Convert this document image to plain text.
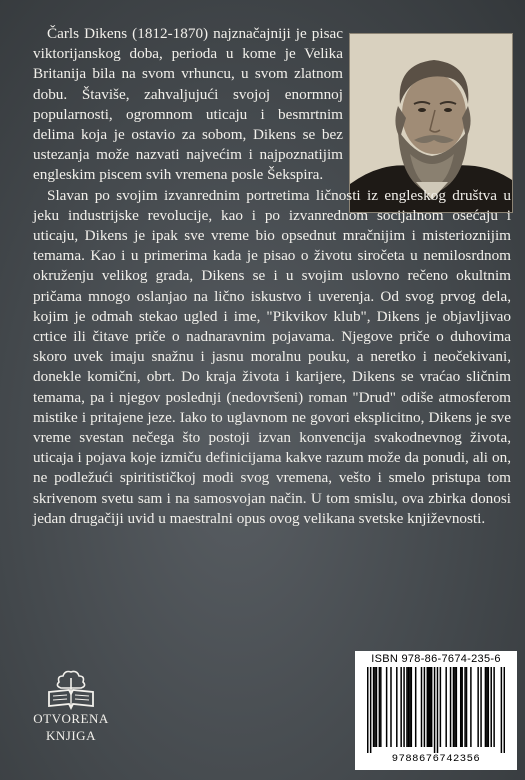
Čarls Dikens (1812-1870) najznačajniji je pisac viktorijanskog doba, perioda u kome je Velika Britanija bila na svom vrhuncu, u svom zlatnom dobu. Štaviše, zahvaljujući svojoj enormnoj popularnosti, ogromnom uticaju i besmrtnim delima koja je ostavio za sobom, Dikens se bez ustezanja može nazvati najvećim i najpoznatijim engleskim piscem svih vremena posle Šekspira.

Slavan po svojim izvanrednim portretima ličnosti iz engleskog društva u jeku industrijske revolucije, kao i po izvanrednom socijalnom osećaju i uticaju, Dikens je ipak sve vreme bio opsednut mračnijim i misterioznijim temama. Kao i u primerima kada je pisao o životu siročeta u nemilosrdnom okruženju velikog grada, Dikens se i u svojim uslovno rečeno okultnim pričama mnogo oslanjao na lično iskustvo i uverenja. Od svog prvog dela, kojim je odmah stekao ugled i ime, "Pikvikov klub", Dikens je objavljivao crtice ili čitave priče o nadnaravnim pojavama. Njegove priče o duhovima skoro uvek imaju snažnu i jasnu moralnu pouku, a neretko i neočekivani, donekle komični, obrt. Do kraja života i karijere, Dikens se vraćao sličnim temama, pa i njegov poslednji (nedovršeni) roman "Drud" odiše atmosferom mistike i pritajene jeze. Iako to uglavnom ne govori eksplicitno, Dikens je sve vreme svestan nečega što postoji izvan konvencija svakodnevnog života, uticaja i pojava koje izmiču definicijama kakve razum može da ponudi, ali on, ne podležući spiritističkoj modi svog vremena, vešto i smelo pristupa tom skrivenom svetu sam i na samosvojan način. U tom smislu, ova zbirka donosi jedan drugačiji uvid u maestralni opus ovog velikana svetske književnosti.

OTVORENA
KNJIGA
ISBN 978-86-7674-235-6
9788676742356
